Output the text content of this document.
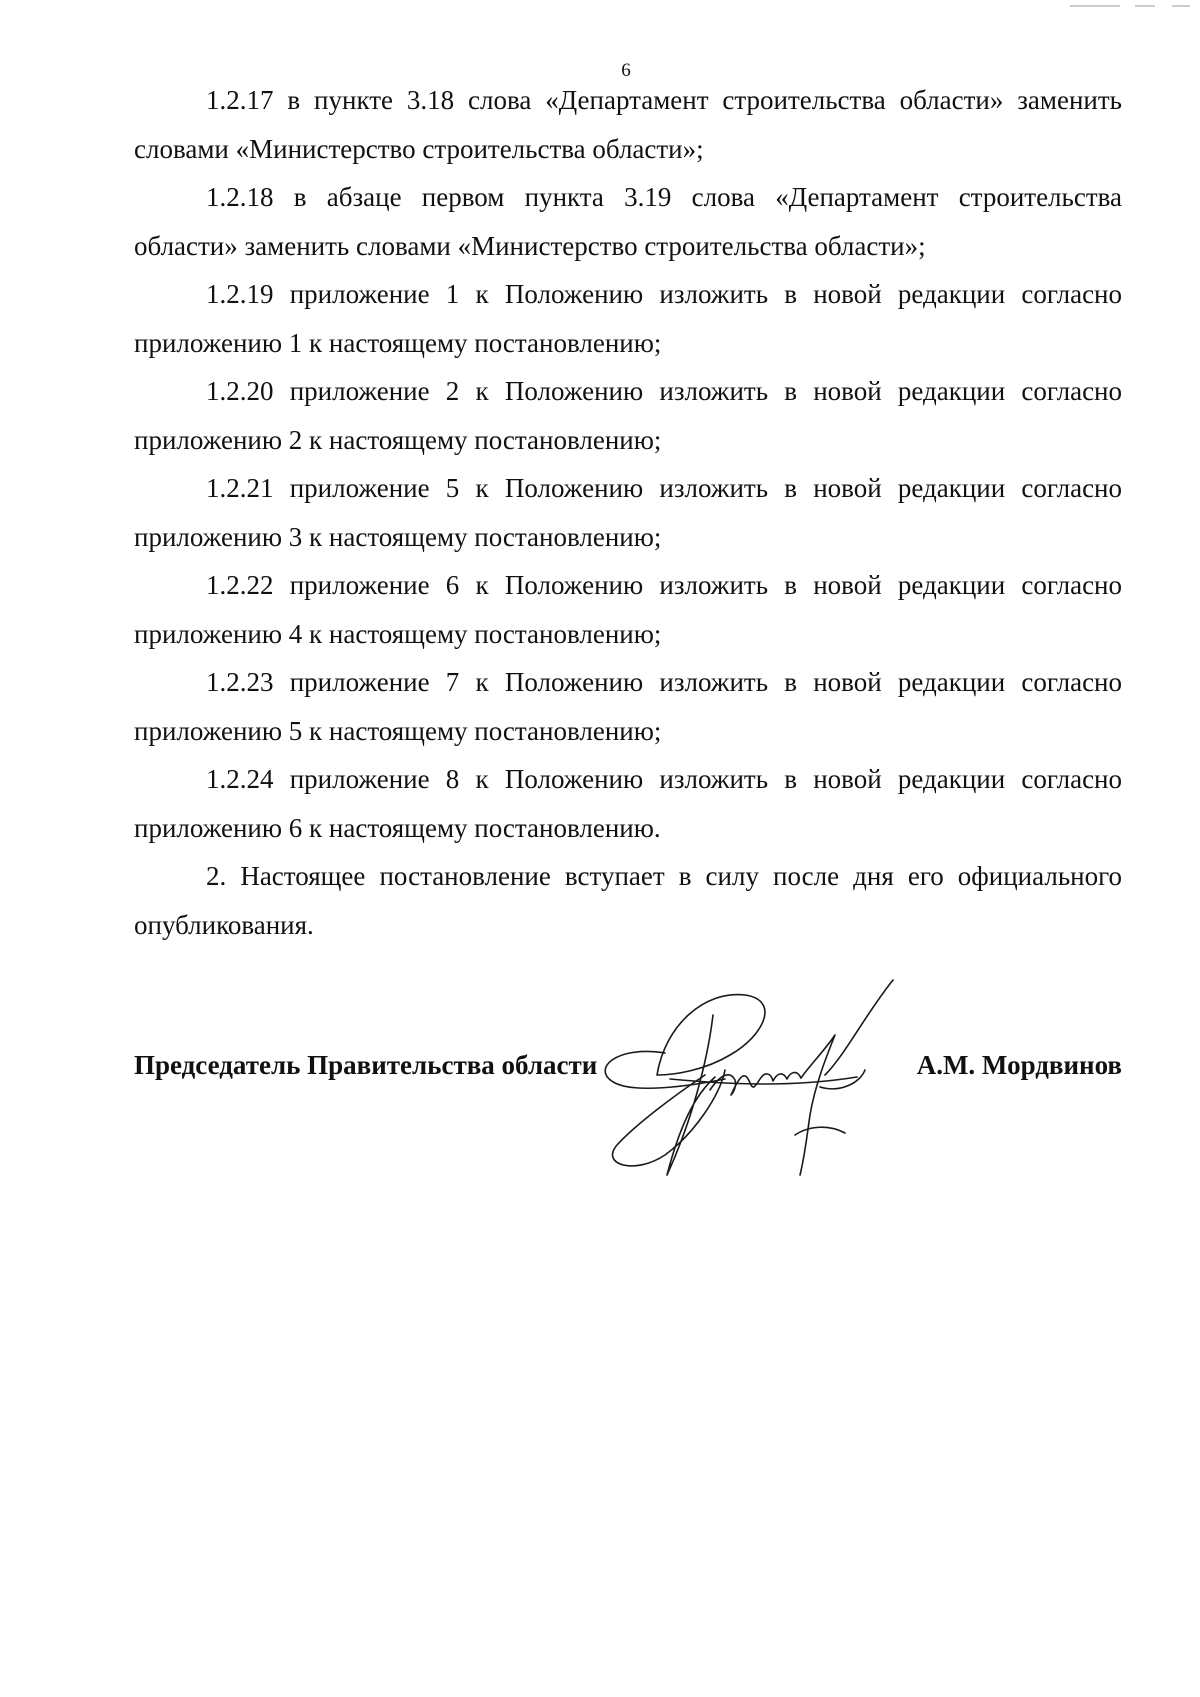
6

1.2.17 в пункте 3.18 слова «Департамент строительства области» заменить словами «Министерство строительства области»;

1.2.18 в абзаце первом пункта 3.19 слова «Департамент строительства области» заменить словами «Министерство строительства области»;

1.2.19 приложение 1 к Положению изложить в новой редакции согласно приложению 1 к настоящему постановлению;

1.2.20 приложение 2 к Положению изложить в новой редакции согласно приложению 2 к настоящему постановлению;

1.2.21 приложение 5 к Положению изложить в новой редакции согласно приложению 3 к настоящему постановлению;

1.2.22 приложение 6 к Положению изложить в новой редакции согласно приложению 4 к настоящему постановлению;

1.2.23 приложение 7 к Положению изложить в новой редакции согласно приложению 5 к настоящему постановлению;

1.2.24 приложение 8 к Положению изложить в новой редакции согласно приложению 6 к настоящему постановлению.

2. Настоящее постановление вступает в силу после дня его официального опубликования.

Председатель Правительства области	А.М. Мордвинов
